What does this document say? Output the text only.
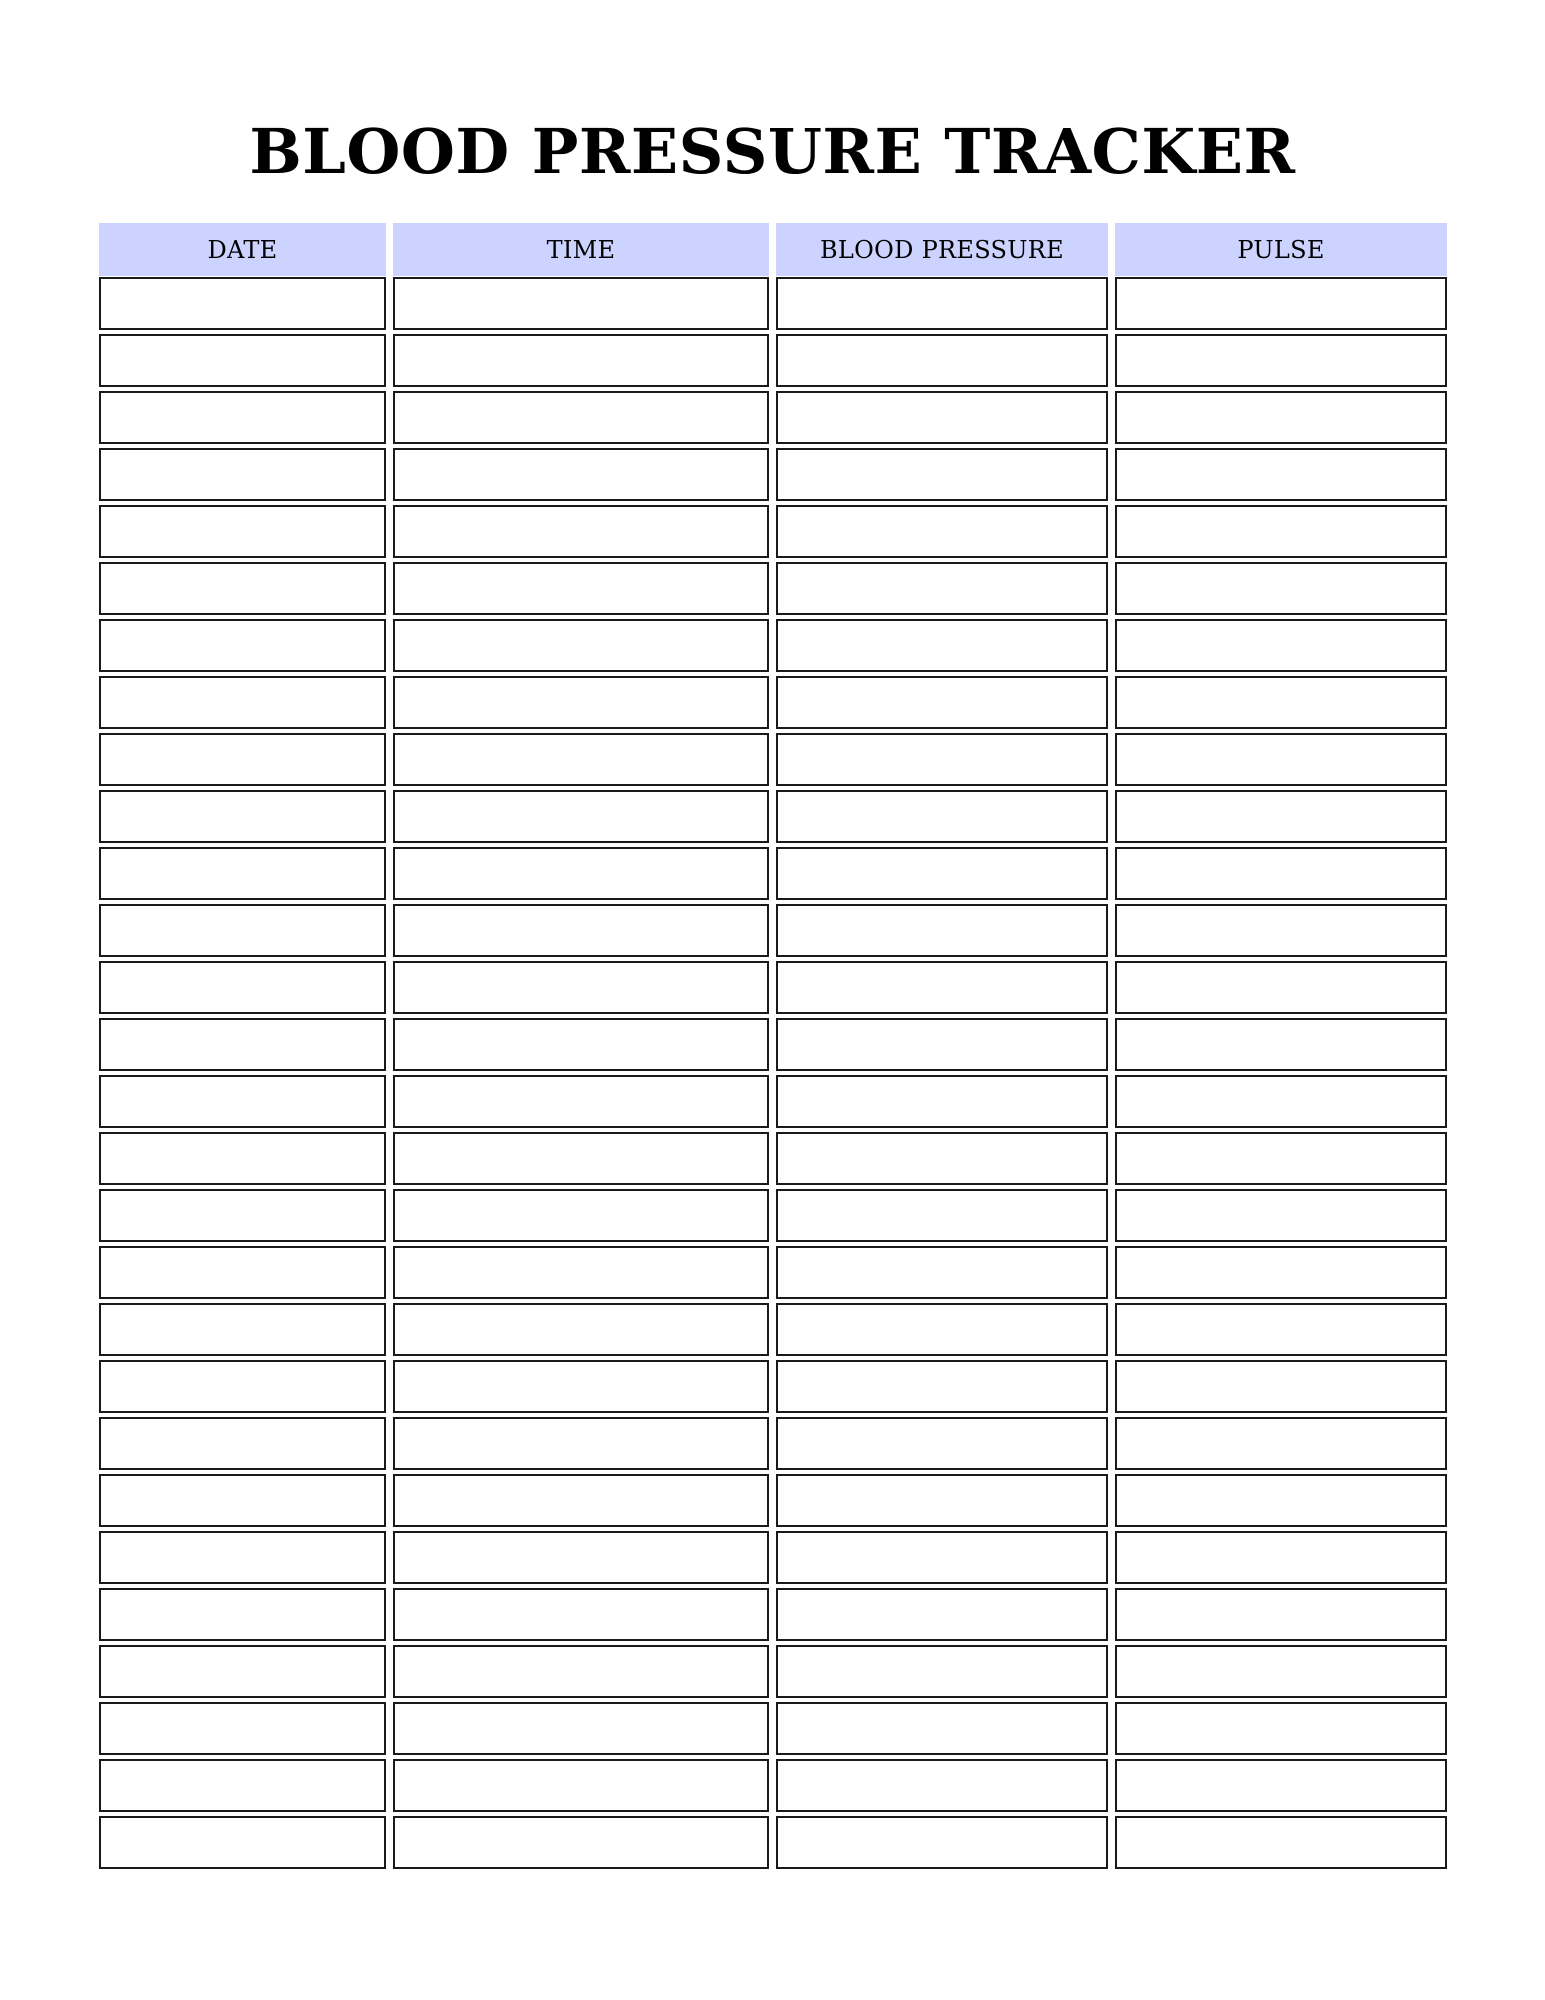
BLOOD PRESSURE TRACKER
DATE	TIME	BLOOD PRESSURE	PULSE
